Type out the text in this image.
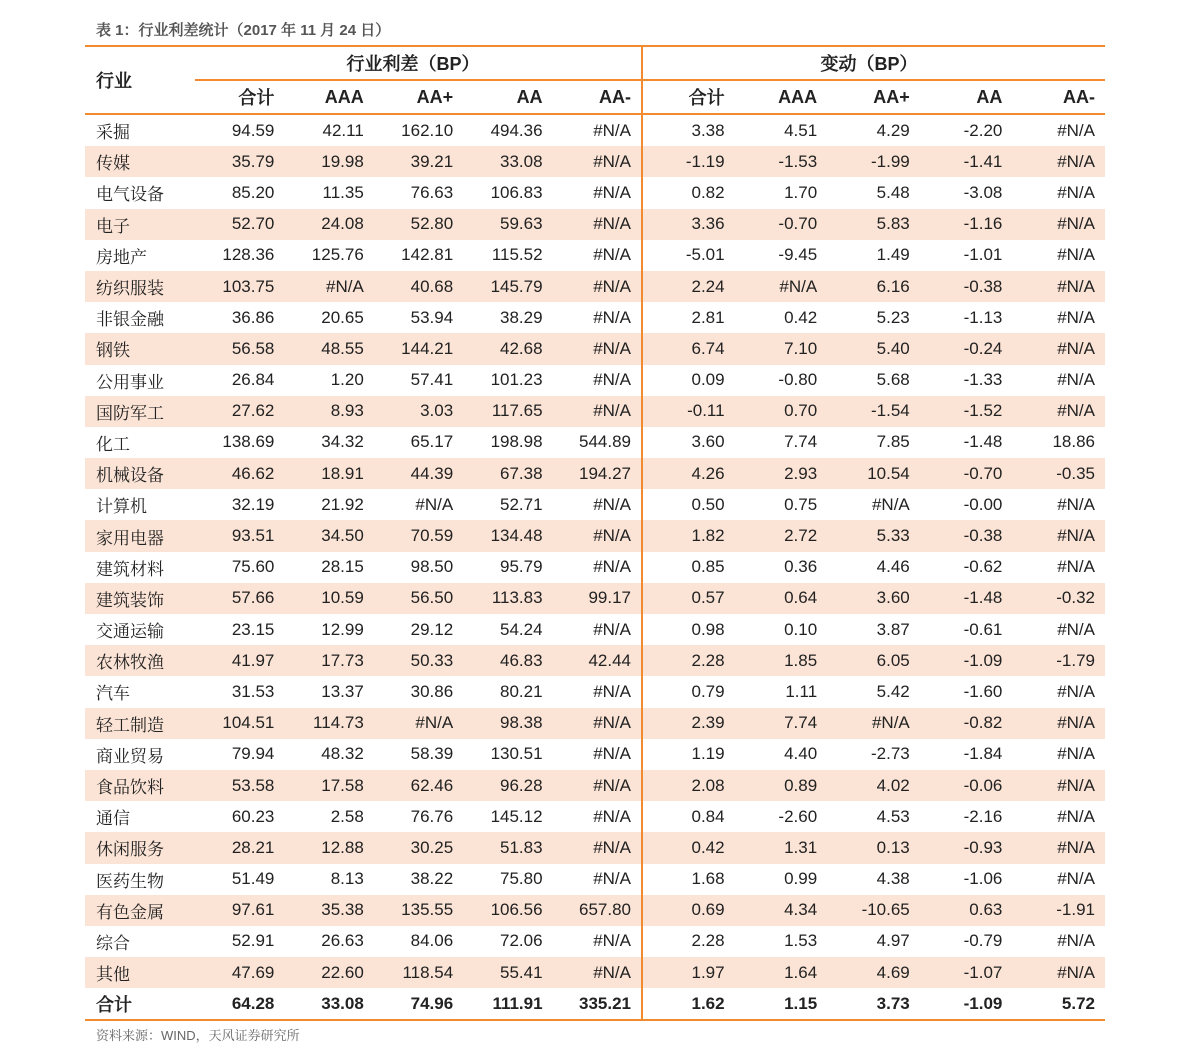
表 1：行业利差统计（2017 年 11 月 24 日）
行业	行业利差（BP）					变动（BP）				
	合计	AAA	AA+	AA	AA-	合计	AAA	AA+	AA	AA-
采掘	94.59	42.11	162.10	494.36	#N/A	3.38	4.51	4.29	-2.20	#N/A
传媒	35.79	19.98	39.21	33.08	#N/A	-1.19	-1.53	-1.99	-1.41	#N/A
电气设备	85.20	11.35	76.63	106.83	#N/A	0.82	1.70	5.48	-3.08	#N/A
电子	52.70	24.08	52.80	59.63	#N/A	3.36	-0.70	5.83	-1.16	#N/A
房地产	128.36	125.76	142.81	115.52	#N/A	-5.01	-9.45	1.49	-1.01	#N/A
纺织服装	103.75	#N/A	40.68	145.79	#N/A	2.24	#N/A	6.16	-0.38	#N/A
非银金融	36.86	20.65	53.94	38.29	#N/A	2.81	0.42	5.23	-1.13	#N/A
钢铁	56.58	48.55	144.21	42.68	#N/A	6.74	7.10	5.40	-0.24	#N/A
公用事业	26.84	1.20	57.41	101.23	#N/A	0.09	-0.80	5.68	-1.33	#N/A
国防军工	27.62	8.93	3.03	117.65	#N/A	-0.11	0.70	-1.54	-1.52	#N/A
化工	138.69	34.32	65.17	198.98	544.89	3.60	7.74	7.85	-1.48	18.86
机械设备	46.62	18.91	44.39	67.38	194.27	4.26	2.93	10.54	-0.70	-0.35
计算机	32.19	21.92	#N/A	52.71	#N/A	0.50	0.75	#N/A	-0.00	#N/A
家用电器	93.51	34.50	70.59	134.48	#N/A	1.82	2.72	5.33	-0.38	#N/A
建筑材料	75.60	28.15	98.50	95.79	#N/A	0.85	0.36	4.46	-0.62	#N/A
建筑装饰	57.66	10.59	56.50	113.83	99.17	0.57	0.64	3.60	-1.48	-0.32
交通运输	23.15	12.99	29.12	54.24	#N/A	0.98	0.10	3.87	-0.61	#N/A
农林牧渔	41.97	17.73	50.33	46.83	42.44	2.28	1.85	6.05	-1.09	-1.79
汽车	31.53	13.37	30.86	80.21	#N/A	0.79	1.11	5.42	-1.60	#N/A
轻工制造	104.51	114.73	#N/A	98.38	#N/A	2.39	7.74	#N/A	-0.82	#N/A
商业贸易	79.94	48.32	58.39	130.51	#N/A	1.19	4.40	-2.73	-1.84	#N/A
食品饮料	53.58	17.58	62.46	96.28	#N/A	2.08	0.89	4.02	-0.06	#N/A
通信	60.23	2.58	76.76	145.12	#N/A	0.84	-2.60	4.53	-2.16	#N/A
休闲服务	28.21	12.88	30.25	51.83	#N/A	0.42	1.31	0.13	-0.93	#N/A
医药生物	51.49	8.13	38.22	75.80	#N/A	1.68	0.99	4.38	-1.06	#N/A
有色金属	97.61	35.38	135.55	106.56	657.80	0.69	4.34	-10.65	0.63	-1.91
综合	52.91	26.63	84.06	72.06	#N/A	2.28	1.53	4.97	-0.79	#N/A
其他	47.69	22.60	118.54	55.41	#N/A	1.97	1.64	4.69	-1.07	#N/A
合计	64.28	33.08	74.96	111.91	335.21	1.62	1.15	3.73	-1.09	5.72
资料来源：WIND，天风证券研究所
